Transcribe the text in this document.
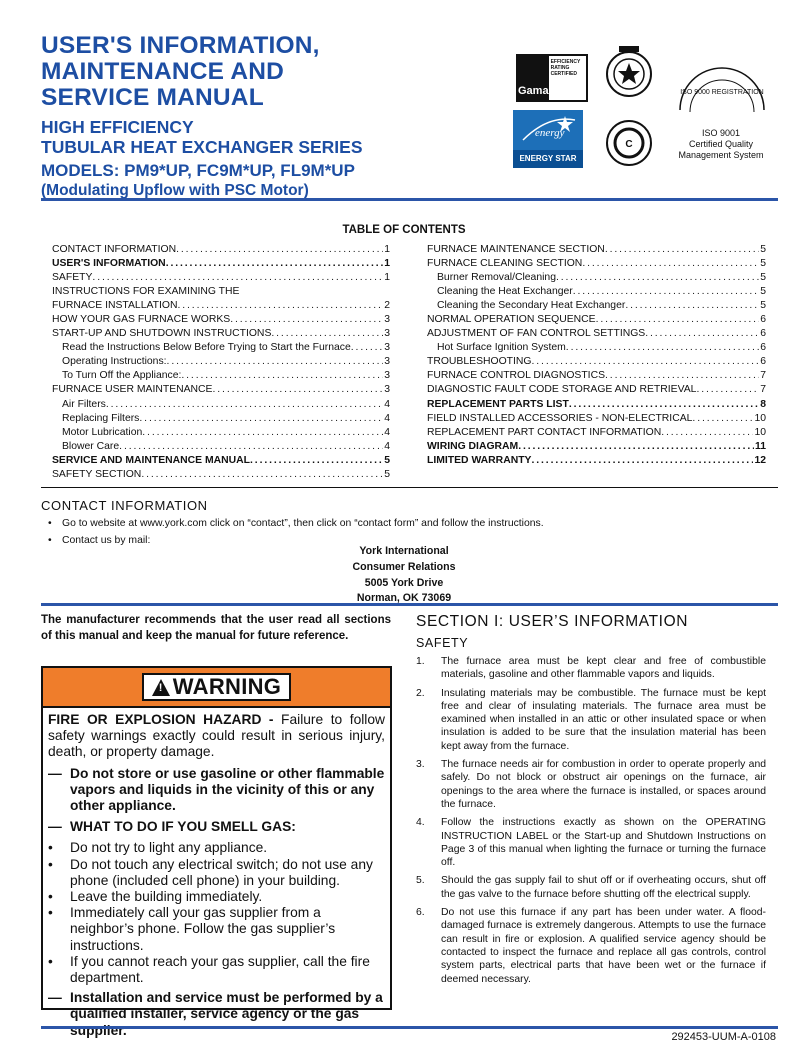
USER'S INFORMATION,
MAINTENANCE AND
SERVICE MANUAL
HIGH EFFICIENCY
TUBULAR HEAT EXCHANGER SERIES
MODELS: PM9*UP, FC9M*UP, FL9M*UP
(Modulating Upflow with PSC Motor)
Gama
EFFICIENCY RATING CERTIFIED
ISO 9000 REGISTRATION
ISO 9001
Certified Quality
Management System
energy
ENERGY STAR
C
TABLE OF CONTENTS
CONTACT INFORMATION . . .	1
USER'S INFORMATION . . .	1
SAFETY . . .	1
INSTRUCTIONS FOR EXAMINING THE
FURNACE INSTALLATION . . .	2
HOW YOUR GAS FURNACE WORKS . . .	3
START-UP AND SHUTDOWN INSTRUCTIONS . . .	3
Read the Instructions Below Before Trying to Start the Furnace . . .	3
Operating Instructions: . . .	3
To Turn Off the Appliance: . . .	3
FURNACE USER MAINTENANCE . . .	3
Air Filters . . .	4
Replacing Filters . . .	4
Motor Lubrication . . .	4
Blower Care . . .	4
SERVICE AND MAINTENANCE MANUAL . . .	5
SAFETY SECTION . . .	5
FURNACE MAINTENANCE SECTION . . .	5
FURNACE CLEANING SECTION . . .	5
Burner Removal/Cleaning . . .	5
Cleaning the Heat Exchanger . . .	5
Cleaning the Secondary Heat Exchanger . . .	5
NORMAL OPERATION SEQUENCE . . .	6
ADJUSTMENT OF FAN CONTROL SETTINGS . . .	6
Hot Surface Ignition System . . .	6
TROUBLESHOOTING . . .	6
FURNACE CONTROL DIAGNOSTICS . . .	7
DIAGNOSTIC FAULT CODE STORAGE AND RETRIEVAL . . .	7
REPLACEMENT PARTS LIST . . .	8
FIELD INSTALLED ACCESSORIES - NON-ELECTRICAL . . .	10
REPLACEMENT PART CONTACT INFORMATION . . .	10
WIRING DIAGRAM . . .	11
LIMITED WARRANTY . . .	12
CONTACT INFORMATION
• Go to website at www.york.com click on “contact”, then click on “contact form” and follow the instructions.
• Contact us by mail:
York International
Consumer Relations
5005 York Drive
Norman, OK 73069
The manufacturer recommends that the user read all sections of this manual and keep the manual for future reference.
! WARNING

FIRE OR EXPLOSION HAZARD - Failure to follow safety warnings exactly could result in serious injury, death, or property damage.

— Do not store or use gasoline or other flammable vapors and liquids in the vicinity of this or any other appliance.
— WHAT TO DO IF YOU SMELL GAS:
•	Do not try to light any appliance.
•	Do not touch any electrical switch; do not use any phone (included cell phone) in your building.
•	Leave the building immediately.
•	Immediately call your gas supplier from a neighbor’s phone. Follow the gas supplier’s instructions.
•	If you cannot reach your gas supplier, call the fire department.
— Installation and service must be performed by a qualified installer, service agency or the gas supplier.
SECTION I: USER’S INFORMATION
SAFETY
1.	The furnace area must be kept clear and free of combustible materials, gasoline and other flammable vapors and liquids.
2.	Insulating materials may be combustible. The furnace must be kept free and clear of insulating materials. The furnace area must be examined when installed in an attic or other insulated space or when insulation is added to be sure that the insulation material has been kept away from the furnace.
3.	The furnace needs air for combustion in order to operate properly and safely. Do not block or obstruct air openings on the furnace, air openings to the area where the furnace is installed, or spaces around the furnace.
4.	Follow the instructions exactly as shown on the OPERATING INSTRUCTION LABEL or the Start-up and Shutdown Instructions on Page 3 of this manual when lighting the furnace or turning the furnace off.
5.	Should the gas supply fail to shut off or if overheating occurs, shut off the gas valve to the furnace before shutting off the electrical supply.
6.	Do not use this furnace if any part has been under water. A flood-damaged furnace is extremely dangerous. Attempts to use the furnace can result in fire or explosion. A qualified service agency should be contacted to inspect the furnace and replace all gas controls, control system parts, electrical parts that have been wet or the furnace if deemed necessary.
292453-UUM-A-0108
